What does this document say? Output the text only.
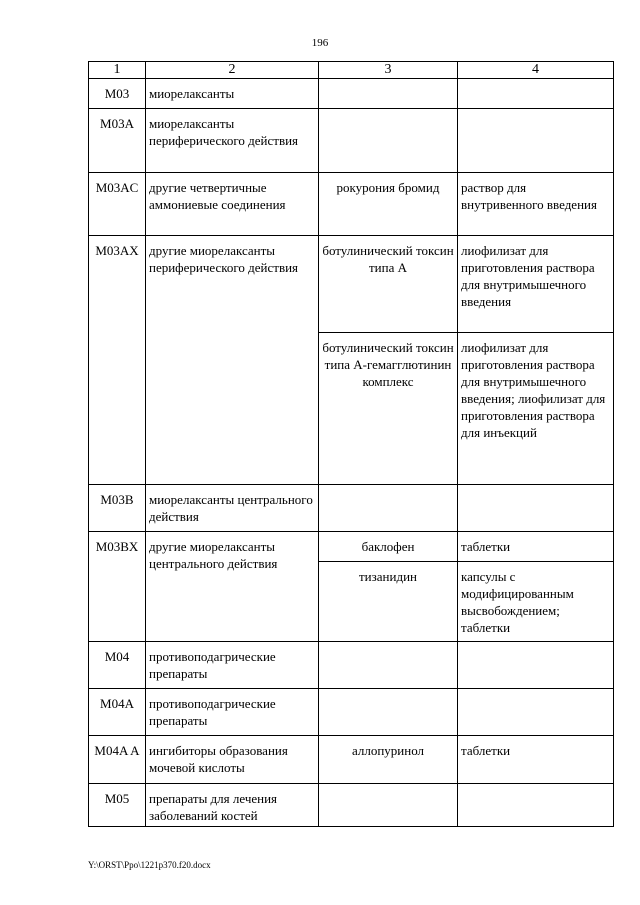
196
1	2	3	4
M03	миорелаксанты		
M03A	миорелаксанты периферического действия		
M03AC	другие четвертичные аммониевые соединения	рокурония бромид	раствор для внутривенного введения
M03AX	другие миорелаксанты периферического действия	ботулинический токсин типа А	лиофилизат для приготовления раствора для внутримышечного введения
		ботулинический токсин типа А-гемагглютинин комплекс	лиофилизат для приготовления раствора для внутримышечного введения; лиофилизат для приготовления раствора для инъекций
M03B	миорелаксанты центрального действия		
M03BX	другие миорелаксанты центрального действия	баклофен	таблетки
		тизанидин	капсулы с модифицированным высвобождением; таблетки
M04	противоподагрические препараты		
M04A	противоподагрические препараты		
M04A A	ингибиторы образования мочевой кислоты	аллопуринол	таблетки
M05	препараты для лечения заболеваний костей		
Y:\ORST\Ppo\1221p370.f20.docx
